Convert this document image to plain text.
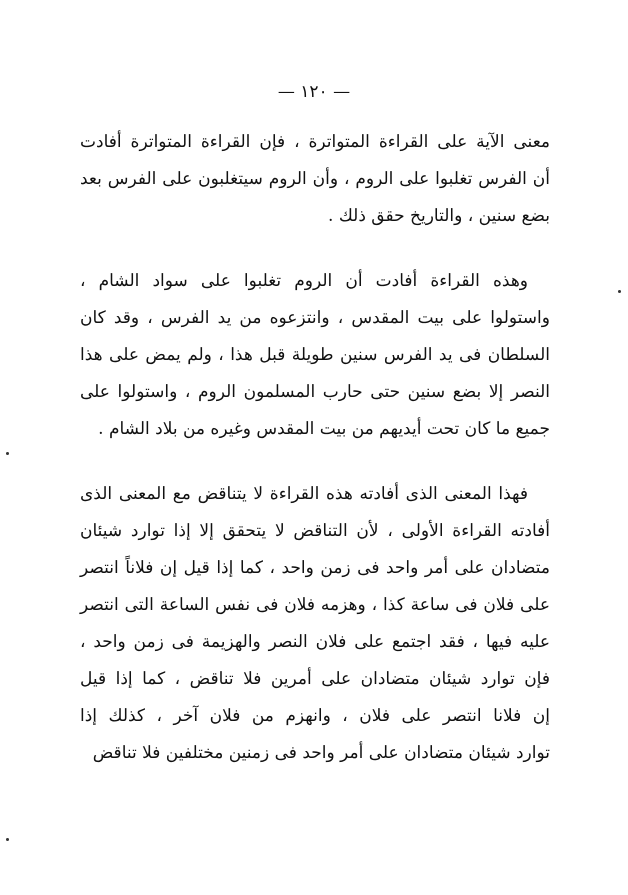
— ١٢٠ —
معنى الآية على القراءة المتواترة ، فإن القراءة المتواترة أفادت
أن الفرس تغلبوا على الروم ، وأن الروم سيتغلبون على الفرس بعد
بضع سنين ، والتاريخ حقق ذلك .
وهذه القراءة أفادت أن الروم تغلبوا على سواد الشام ،
واستولوا على بيت المقدس ، وانتزعوه من يد الفرس ، وقد كان
السلطان فى يد الفرس سنين طويلة قبل هذا ، ولم يمض على هذا
النصر إلا بضع سنين حتى حارب المسلمون الروم ، واستولوا على
جميع ما كان تحت أيديهم من بيت المقدس وغيره من بلاد الشام .
فهذا المعنى الذى أفادته هذه القراءة لا يتناقض مع المعنى الذى
أفادته القراءة الأولى ، لأن التناقض لا يتحقق إلا إذا توارد شيئان
متضادان على أمر واحد فى زمن واحد ، كما إذا قيل إن فلاناً انتصر
على فلان فى ساعة كذا ، وهزمه فلان فى نفس الساعة التى انتصر
عليه فيها ، فقد اجتمع على فلان النصر والهزيمة فى زمن واحد ،
فإن توارد شيئان متضادان على أمرين فلا تناقض ، كما إذا قيل
إن فلانا انتصر على فلان ، وانهزم من فلان آخر ، كذلك إذا
توارد شيئان متضادان على أمر واحد فى زمنين مختلفين فلا تناقض
